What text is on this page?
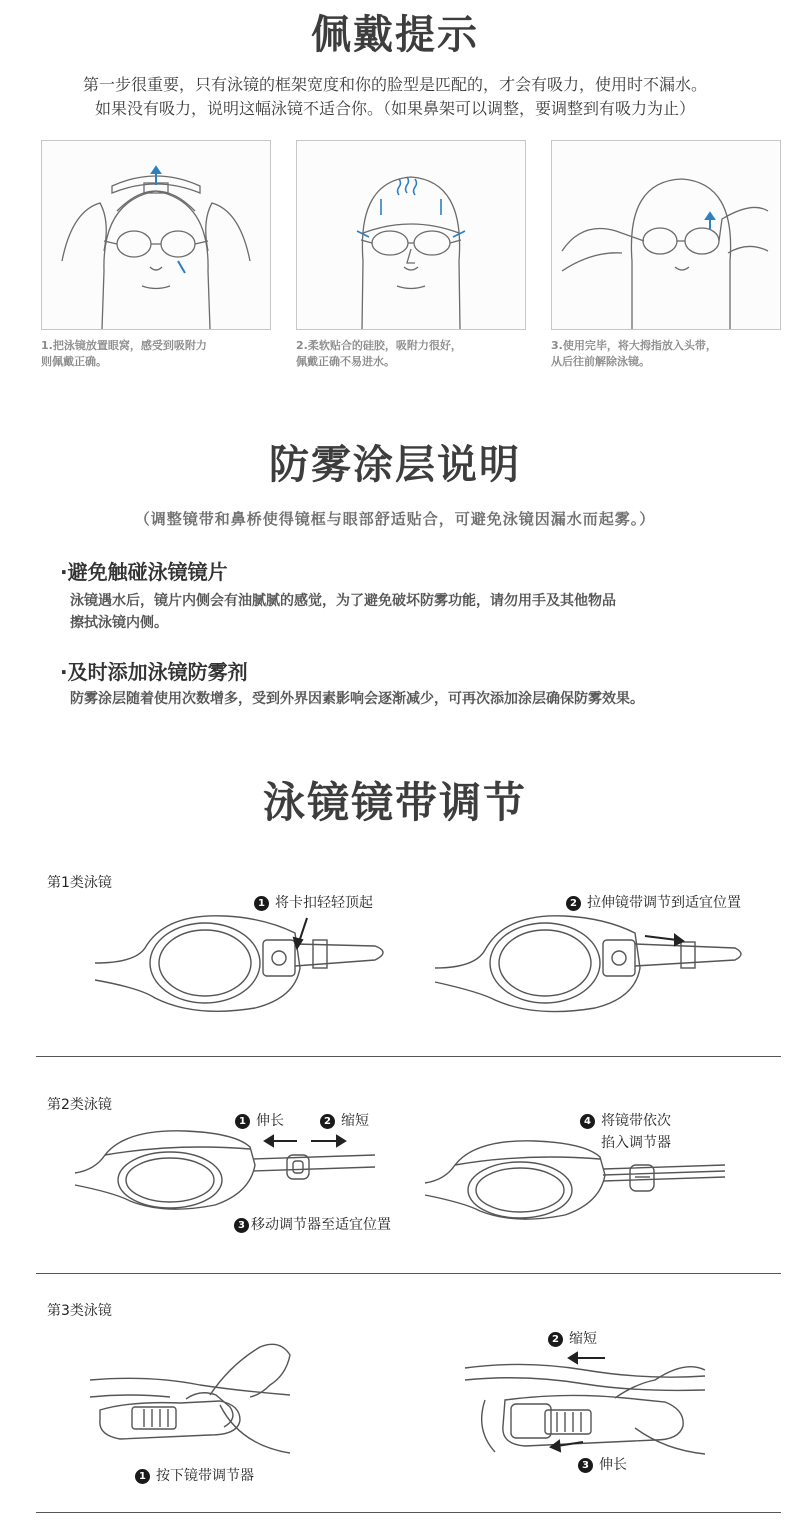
佩戴提示
第一步很重要，只有泳镜的框架宽度和你的脸型是匹配的，才会有吸力，使用时不漏水。
如果没有吸力，说明这幅泳镜不适合你。（如果鼻架可以调整，要调整到有吸力为止）
1.把泳镜放置眼窝，感受到吸附力
则佩戴正确。
2.柔软贴合的硅胶，吸附力很好，
佩戴正确不易进水。
3.使用完毕，将大拇指放入头带，
从后往前解除泳镜。
防雾涂层说明
（调整镜带和鼻桥使得镜框与眼部舒适贴合，可避免泳镜因漏水而起雾。）
·避免触碰泳镜镜片
泳镜遇水后，镜片内侧会有油腻腻的感觉，为了避免破坏防雾功能，请勿用手及其他物品
擦拭泳镜内侧。
·及时添加泳镜防雾剂
防雾涂层随着使用次数增多，受到外界因素影响会逐渐减少，可再次添加涂层确保防雾效果。
泳镜镜带调节
第1类泳镜
1 将卡扣轻轻顶起	2 拉伸镜带调节到适宜位置
第2类泳镜
1 伸长	2 缩短	4 将镜带依次
掐入调节器
3 移动调节器至适宜位置
第3类泳镜
2 缩短
3 伸长
1 按下镜带调节器
